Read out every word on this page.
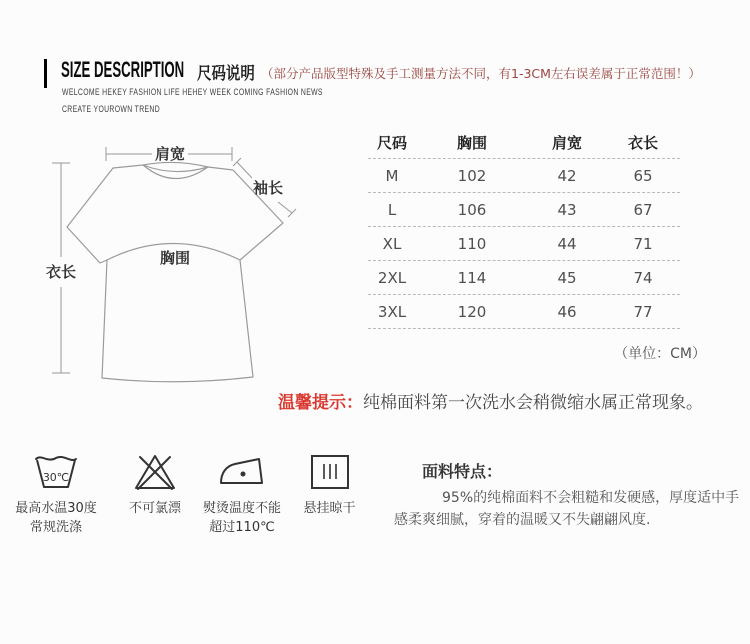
SIZE DESCRIPTION 尺码说明 （部分产品版型特殊及手工测量方法不同，有1-3CM左右误差属于正常范围！）
WELCOME HEKEY FASHION LIFE HEHEY WEEK COMING FASHION NEWS
CREATE YOUROWN TREND
肩宽
袖长
胸围
衣长
尺码	胸围	肩宽	衣长
M	102	42	65
L	106	43	67
XL	110	44	71
2XL	114	45	74
3XL	120	46	77
（单位：CM）
温馨提示：纯棉面料第一次洗水会稍微缩水属正常现象。
30℃
最高水温30度
常规洗涤
不可氯漂	熨烫温度不能
超过110℃
悬挂晾干
面料特点：
95%的纯棉面料不会粗糙和发硬感，厚度适中手感柔爽细腻，穿着的温暖又不失翩翩风度.
